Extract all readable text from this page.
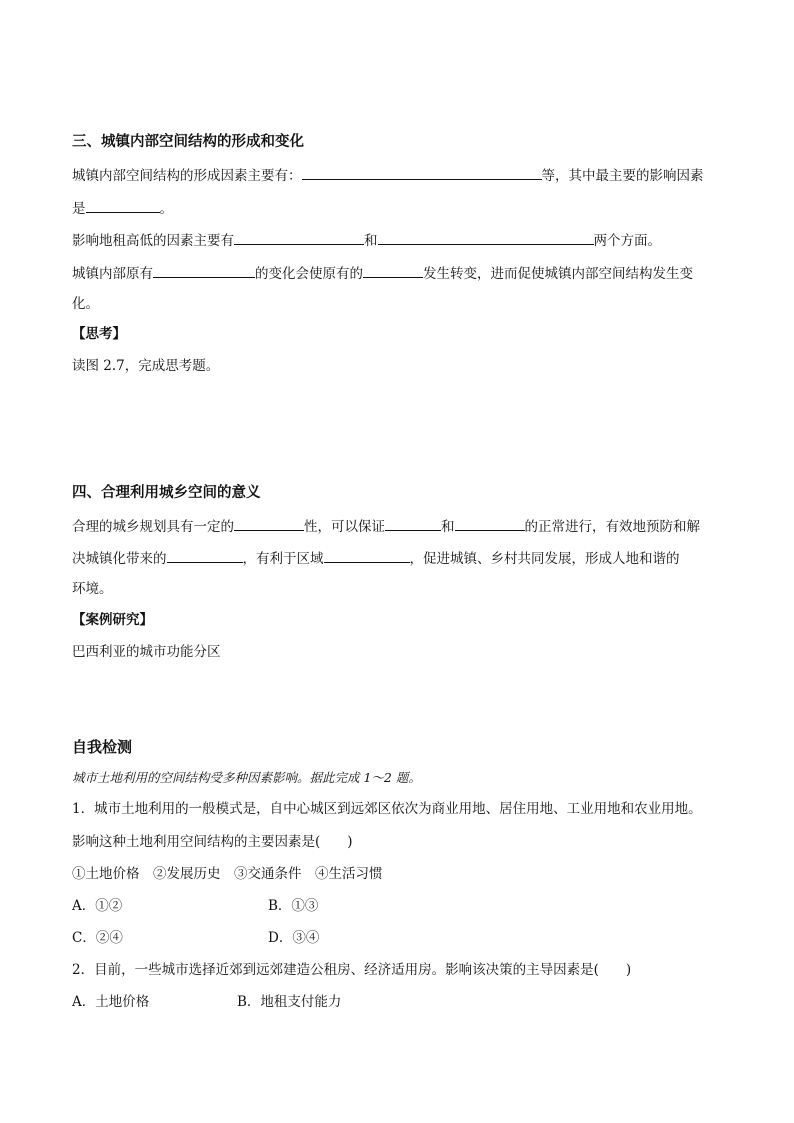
三、城镇内部空间结构的形成和变化
城镇内部空间结构的形成因素主要有：	等，其中最主要的影响因素
是	。
影响地租高低的因素主要有	和	两个方面。
城镇内部原有	的变化会使原有的	发生转变，进而促使城镇内部空间结构发生变
化。
【思考】
读图 2.7，完成思考题。
四、合理利用城乡空间的意义
合理的城乡规划具有一定的	性，可以保证	和	的正常进行，有效地预防和解
决城镇化带来的	，有利于区域	，促进城镇、乡村共同发展，形成人地和谐的
环境。
【案例研究】
巴西利亚的城市功能分区
自我检测
城市土地利用的空间结构受多种因素影响。据此完成 1～2 题。
1．城市土地利用的一般模式是，自中心城区到远郊区依次为商业用地、居住用地、工业用地和农业用地。
影响这种土地利用空间结构的主要因素是(　　)
①土地价格　②发展历史　③交通条件　④生活习惯
A．①②	B．①③
C．②④	D．③④
2．目前，一些城市选择近郊到远郊建造公租房、经济适用房。影响该决策的主导因素是(　　)
A．土地价格	B．地租支付能力
